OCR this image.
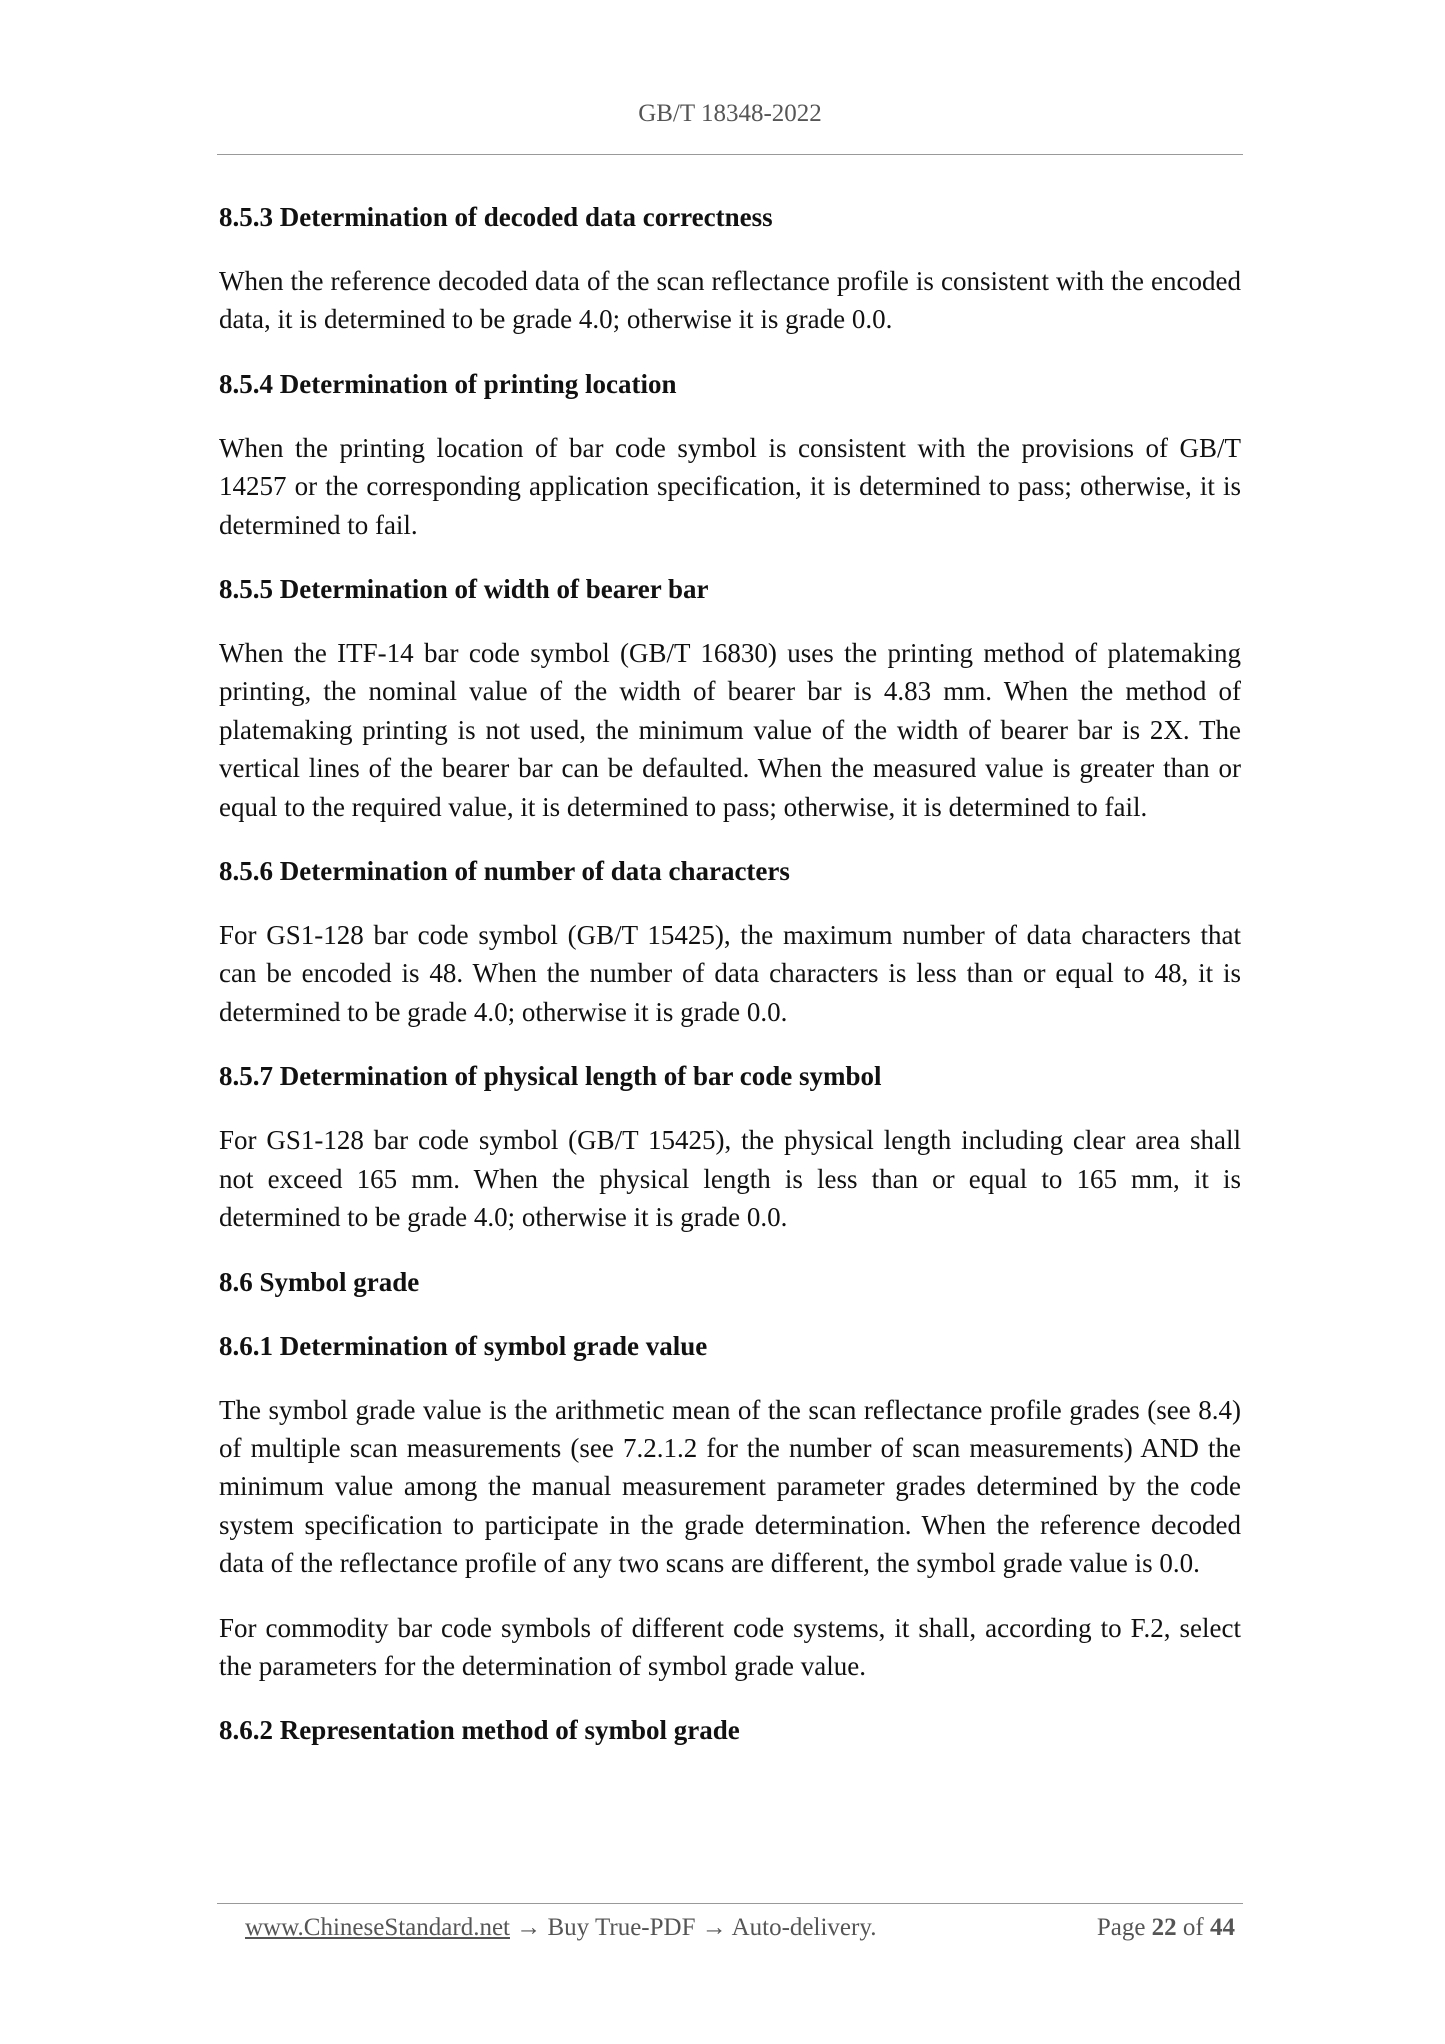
GB/T 18348-2022
8.5.3 Determination of decoded data correctness

When the reference decoded data of the scan reflectance profile is consistent with the encoded data, it is determined to be grade 4.0; otherwise it is grade 0.0.

8.5.4 Determination of printing location

When the printing location of bar code symbol is consistent with the provisions of GB/T 14257 or the corresponding application specification, it is determined to pass; otherwise, it is determined to fail.

8.5.5 Determination of width of bearer bar

When the ITF-14 bar code symbol (GB/T 16830) uses the printing method of platemaking printing, the nominal value of the width of bearer bar is 4.83 mm. When the method of platemaking printing is not used, the minimum value of the width of bearer bar is 2X. The vertical lines of the bearer bar can be defaulted. When the measured value is greater than or equal to the required value, it is determined to pass; otherwise, it is determined to fail.

8.5.6 Determination of number of data characters

For GS1-128 bar code symbol (GB/T 15425), the maximum number of data characters that can be encoded is 48. When the number of data characters is less than or equal to 48, it is determined to be grade 4.0; otherwise it is grade 0.0.

8.5.7 Determination of physical length of bar code symbol

For GS1-128 bar code symbol (GB/T 15425), the physical length including clear area shall not exceed 165 mm. When the physical length is less than or equal to 165 mm, it is determined to be grade 4.0; otherwise it is grade 0.0.

8.6 Symbol grade
8.6.1 Determination of symbol grade value

The symbol grade value is the arithmetic mean of the scan reflectance profile grades (see 8.4) of multiple scan measurements (see 7.2.1.2 for the number of scan measurements) AND the minimum value among the manual measurement parameter grades determined by the code system specification to participate in the grade determination. When the reference decoded data of the reflectance profile of any two scans are different, the symbol grade value is 0.0.

For commodity bar code symbols of different code systems, it shall, according to F.2, select the parameters for the determination of symbol grade value.

8.6.2 Representation method of symbol grade
www.ChineseStandard.net → Buy True-PDF → Auto-delivery.	Page 22 of 44
